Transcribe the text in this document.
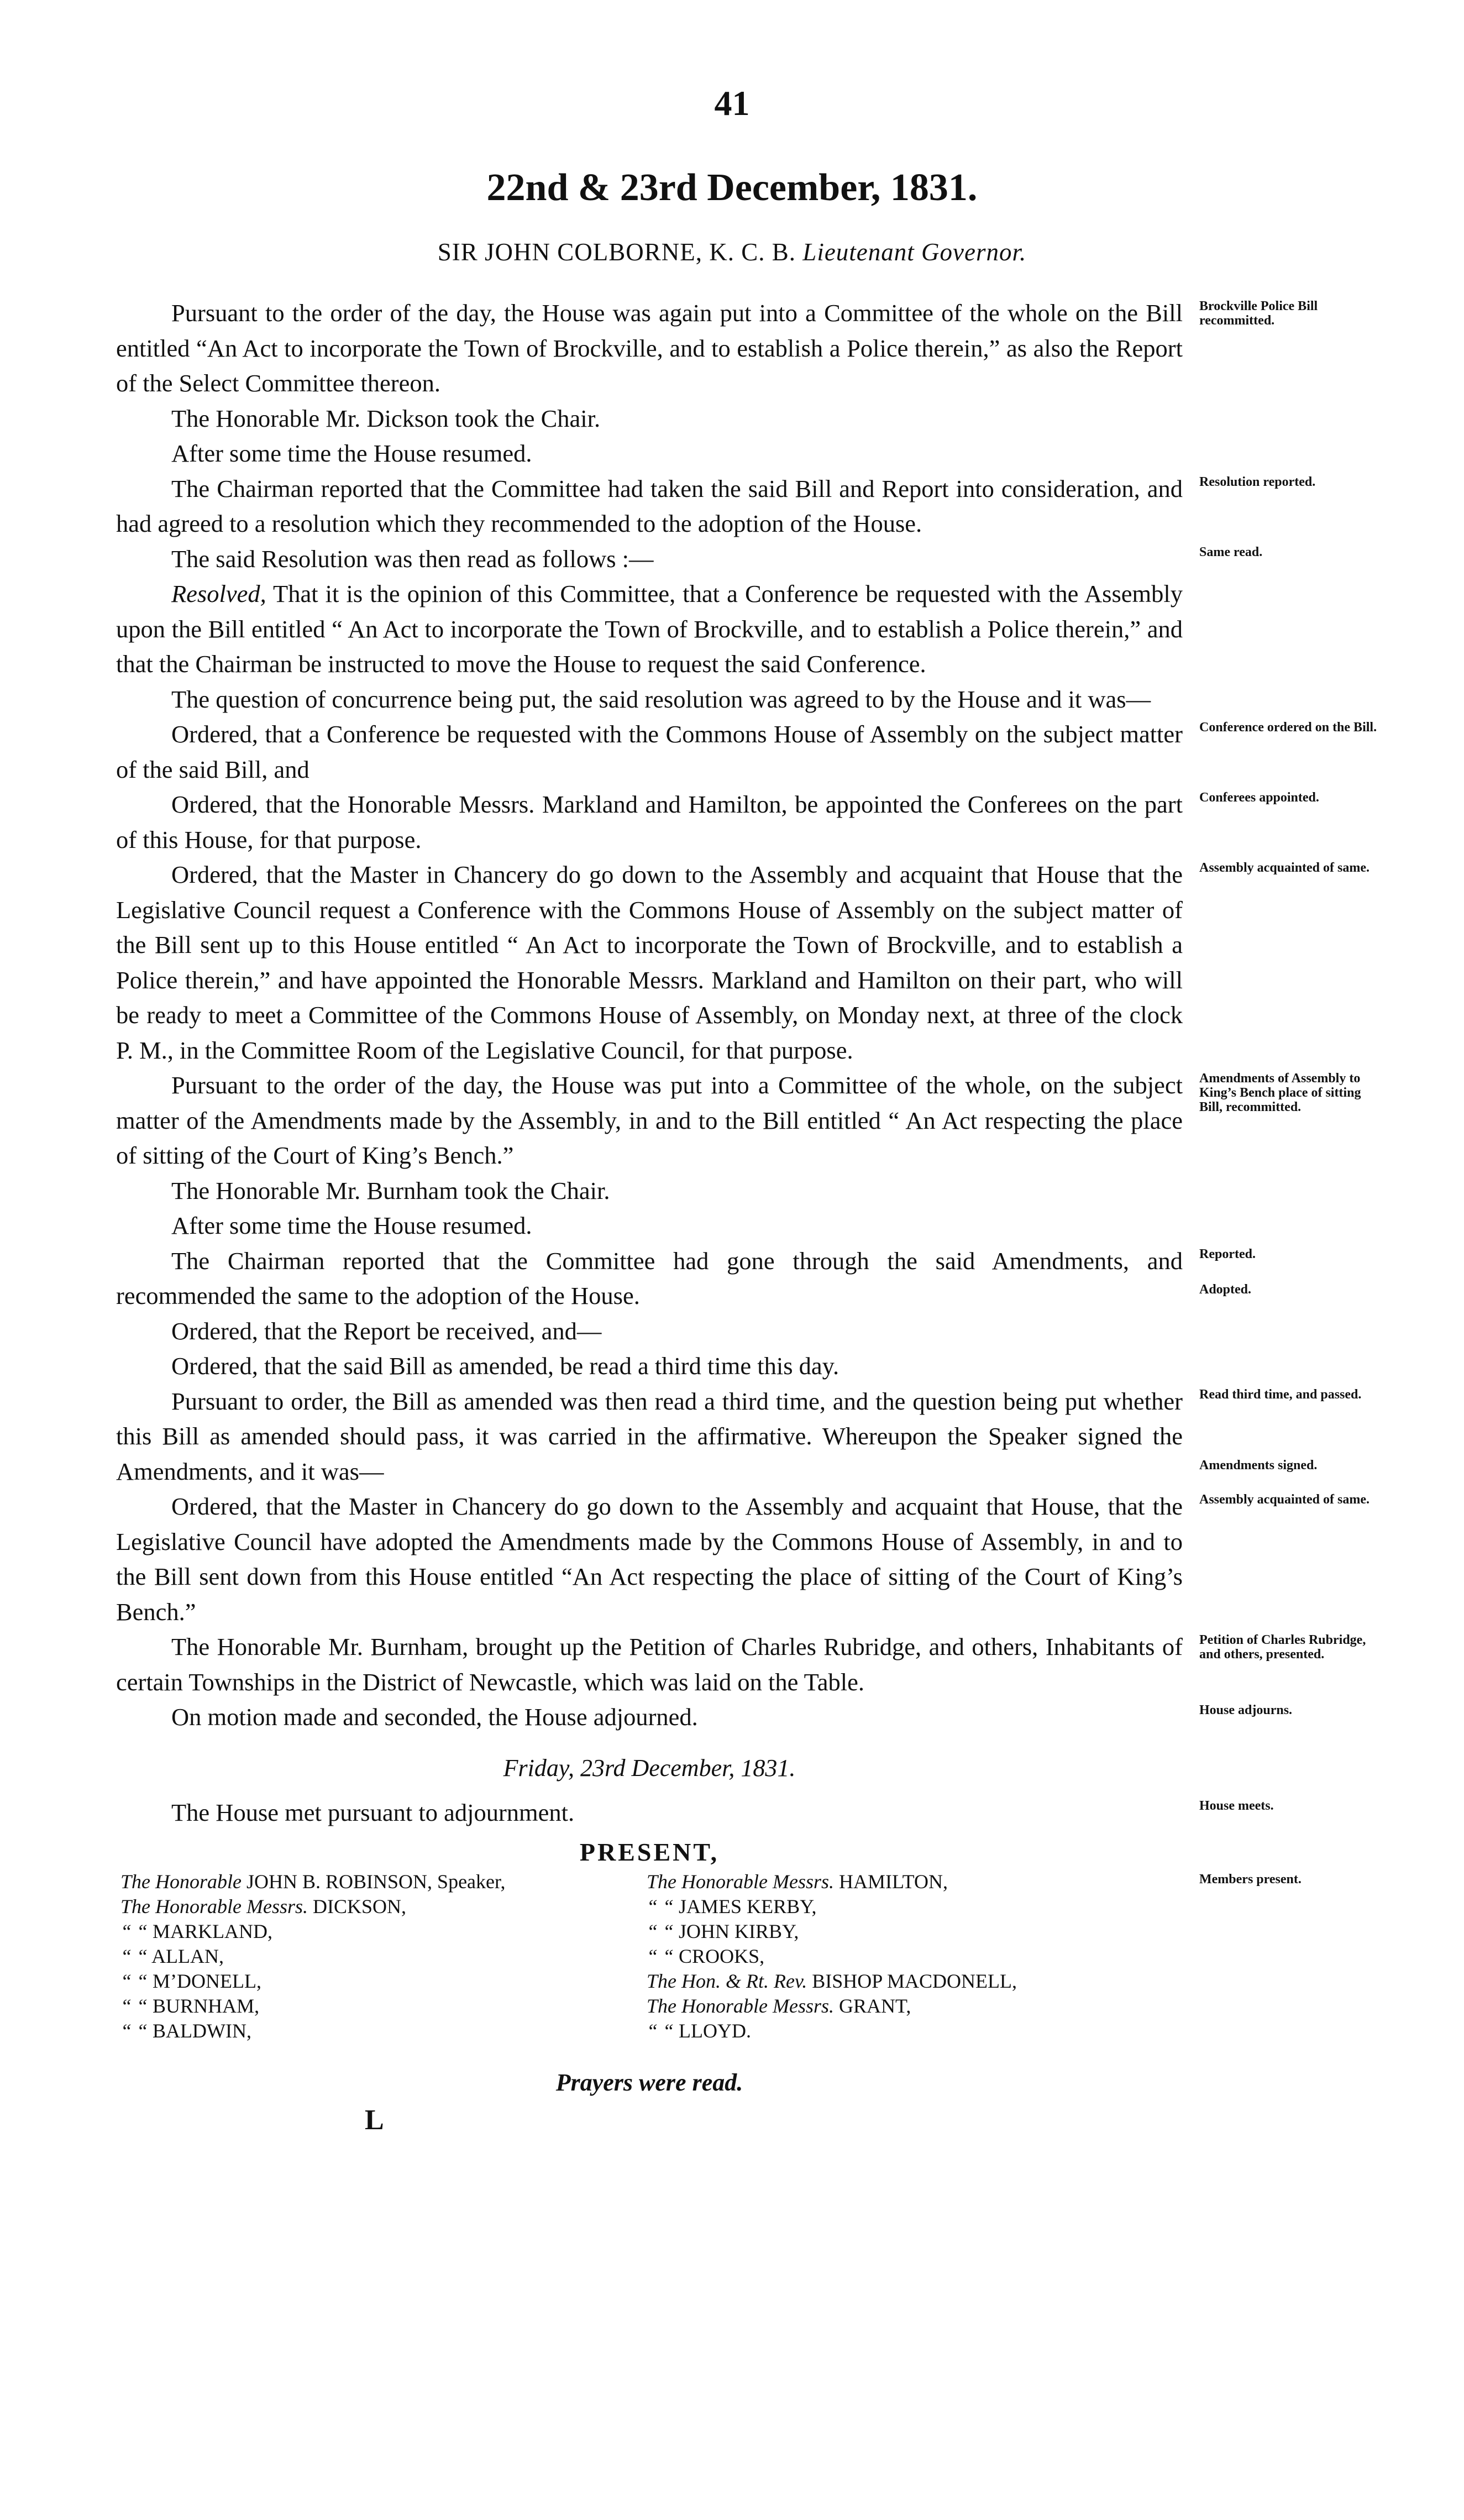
41
22nd & 23rd December, 1831.
SIR JOHN COLBORNE, K. C. B. Lieutenant Governor.

Pursuant to the order of the day, the House was again put into a Committee of the whole on the Bill entitled “An Act to incorporate the Town of Brockville, and to establish a Police therein,” as also the Report of the Select Committee thereon.
Brockville Police Bill recommitted.

The Honorable Mr. Dickson took the Chair.

After some time the House resumed.

The Chairman reported that the Committee had taken the said Bill and Report into consideration, and had agreed to a resolution which they recommended to the adoption of the House.
Resolution reported.

The said Resolution was then read as follows :—	Same read.

Resolved, That it is the opinion of this Committee, that a Conference be requested with the Assembly upon the Bill entitled “ An Act to incorporate the Town of Brockville, and to establish a Police therein,” and that the Chairman be instructed to move the House to request the said Conference.

The question of concurrence being put, the said resolution was agreed to by the House and it was—

Ordered, that a Conference be requested with the Commons House of Assembly on the subject matter of the said Bill, and
Conference ordered on the Bill.

Ordered, that the Honorable Messrs. Markland and Hamilton, be appointed the Conferees on the part of this House, for that purpose.
Conferees appointed.

Ordered, that the Master in Chancery do go down to the Assembly and acquaint that House that the Legislative Council request a Conference with the Commons House of Assembly on the subject matter of the Bill sent up to this House entitled “ An Act to incorporate the Town of Brockville, and to establish a Police therein,” and have appointed the Honorable Messrs. Markland and Hamilton on their part, who will be ready to meet a Committee of the Commons House of Assembly, on Monday next, at three of the clock P. M., in the Committee Room of the Legislative Council, for that purpose.
Assembly acquainted of same.

Pursuant to the order of the day, the House was put into a Committee of the whole, on the subject matter of the Amendments made by the Assembly, in and to the Bill entitled “ An Act respecting the place of sitting of the Court of King’s Bench.”
Amendments of Assembly to King’s Bench place of sitting Bill, recommitted.

The Honorable Mr. Burnham took the Chair.

After some time the House resumed.

The Chairman reported that the Committee had gone through the said Amendments, and recommended the same to the adoption of the House.
Reported.
Adopted.

Ordered, that the Report be received, and—

Ordered, that the said Bill as amended, be read a third time this day.

Pursuant to order, the Bill as amended was then read a third time, and the question being put whether this Bill as amended should pass, it was carried in the affirmative. Whereupon the Speaker signed the Amendments, and it was—
Read third time, and passed.
Amendments signed.

Ordered, that the Master in Chancery do go down to the Assembly and acquaint that House, that the Legislative Council have adopted the Amendments made by the Commons House of Assembly, in and to the Bill sent down from this House entitled “An Act respecting the place of sitting of the Court of King’s Bench.”
Assembly acquainted of same.

The Honorable Mr. Burnham, brought up the Petition of Charles Rubridge, and others, Inhabitants of certain Townships in the District of Newcastle, which was laid on the Table.
Petition of Charles Rubridge, and others, presented.

On motion made and seconded, the House adjourned.	House adjourns.

Friday, 23rd December, 1831.

The House met pursuant to adjournment.	House meets.

PRESENT,
Members present.
The Honorable JOHN B. ROBINSON, Speaker,	The Honorable Messrs. HAMILTON,
The Honorable Messrs. DICKSON,	“ “ JAMES KERBY,
“ “ MARKLAND,	“ “ JOHN KIRBY,
“ “ ALLAN,	“ “ CROOKS,
“ “ M’DONELL,	The Hon. & Rt. Rev. BISHOP MACDONELL,
“ “ BURNHAM,	The Honorable Messrs. GRANT,
“ “ BALDWIN,	“ “ LLOYD.
Prayers were read.
L
